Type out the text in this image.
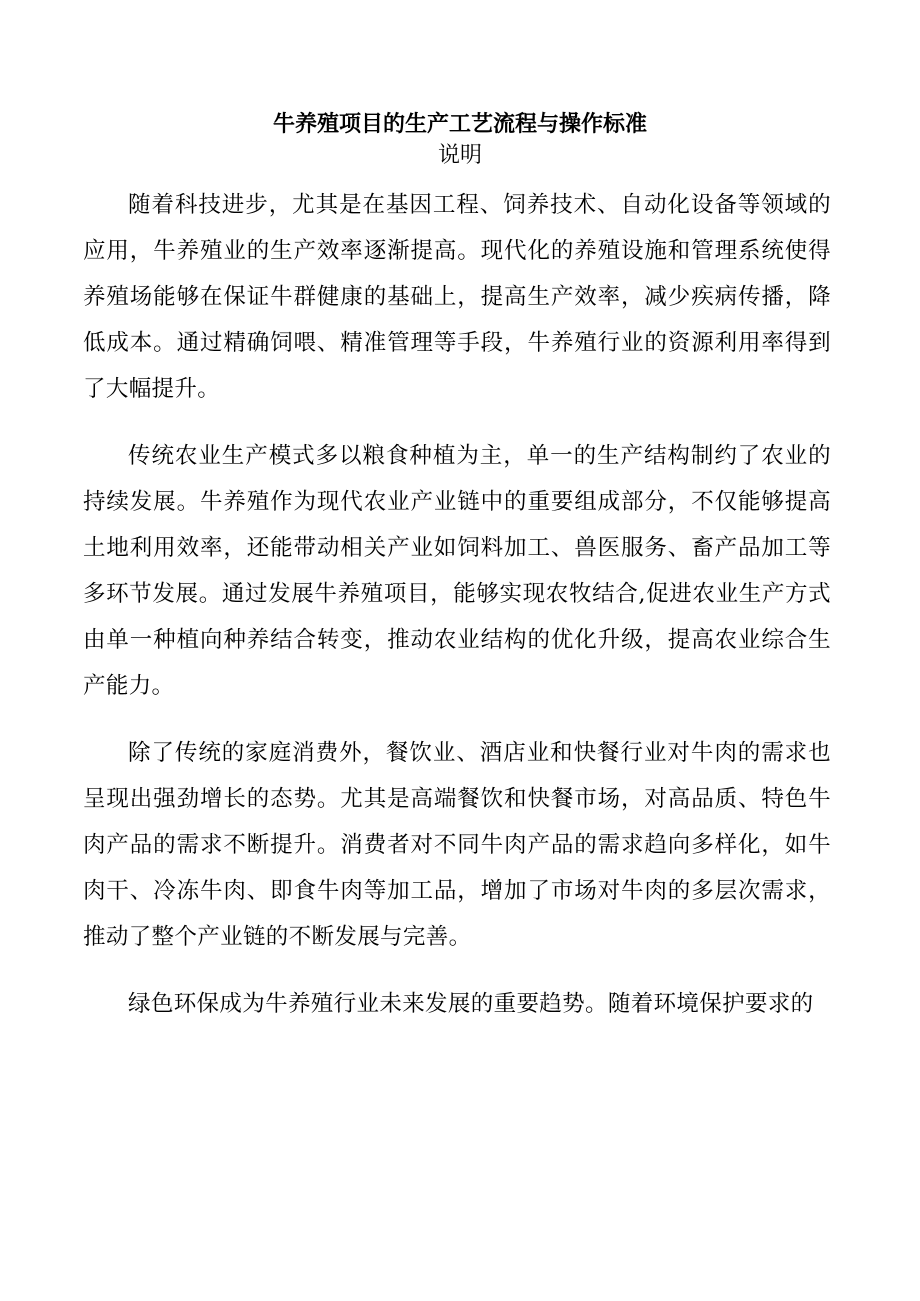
牛养殖项目的生产工艺流程与操作标准
说明

随着科技进步，尤其是在基因工程、饲养技术、自动化设备等领域的应用，牛养殖业的生产效率逐渐提高。现代化的养殖设施和管理系统使得养殖场能够在保证牛群健康的基础上，提高生产效率，减少疾病传播，降低成本。通过精确饲喂、精准管理等手段，牛养殖行业的资源利用率得到了大幅提升。

传统农业生产模式多以粮食种植为主，单一的生产结构制约了农业的持续发展。牛养殖作为现代农业产业链中的重要组成部分，不仅能够提高土地利用效率，还能带动相关产业如饲料加工、兽医服务、畜产品加工等多环节发展。通过发展牛养殖项目，能够实现农牧结合,促进农业生产方式由单一种植向种养结合转变，推动农业结构的优化升级，提高农业综合生产能力。

除了传统的家庭消费外，餐饮业、酒店业和快餐行业对牛肉的需求也呈现出强劲增长的态势。尤其是高端餐饮和快餐市场，对高品质、特色牛肉产品的需求不断提升。消费者对不同牛肉产品的需求趋向多样化，如牛肉干、冷冻牛肉、即食牛肉等加工品，增加了市场对牛肉的多层次需求，推动了整个产业链的不断发展与完善。

绿色环保成为牛养殖行业未来发展的重要趋势。随着环境保护要求的
